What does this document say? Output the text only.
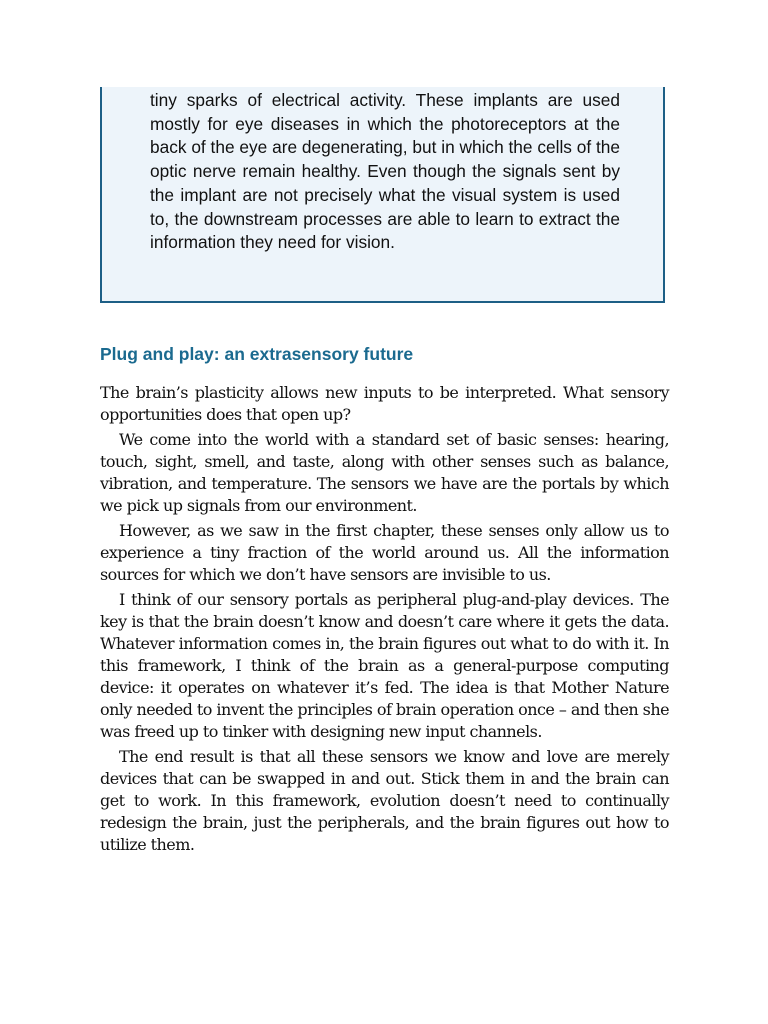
tiny sparks of electrical activity. These implants are used mostly for eye diseases in which the photoreceptors at the back of the eye are degenerating, but in which the cells of the optic nerve remain healthy. Even though the signals sent by the implant are not precisely what the visual system is used to, the downstream processes are able to learn to extract the information they need for vision.

Plug and play: an extrasensory future

The brain’s plasticity allows new inputs to be interpreted. What sensory opportunities does that open up?

We come into the world with a standard set of basic senses: hearing, touch, sight, smell, and taste, along with other senses such as balance, vibration, and temperature. The sensors we have are the portals by which we pick up signals from our environment.

However, as we saw in the first chapter, these senses only allow us to experience a tiny fraction of the world around us. All the information sources for which we don’t have sensors are invisible to us.

I think of our sensory portals as peripheral plug-and-play devices. The key is that the brain doesn’t know and doesn’t care where it gets the data. Whatever information comes in, the brain figures out what to do with it. In this framework, I think of the brain as a general-purpose computing device: it operates on whatever it’s fed. The idea is that Mother Nature only needed to invent the principles of brain operation once – and then she was freed up to tinker with designing new input channels.

The end result is that all these sensors we know and love are merely devices that can be swapped in and out. Stick them in and the brain can get to work. In this framework, evolution doesn’t need to continually redesign the brain, just the peripherals, and the brain figures out how to utilize them.
